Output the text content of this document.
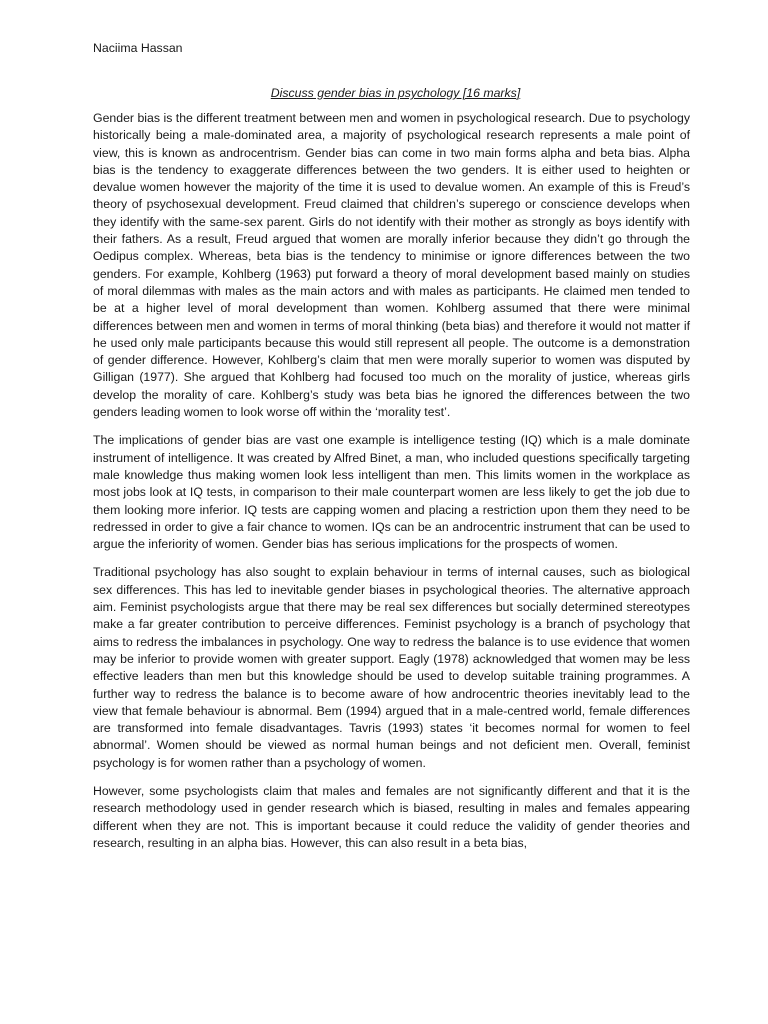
Naciima Hassan
Discuss gender bias in psychology [16 marks]

Gender bias is the different treatment between men and women in psychological research. Due to psychology historically being a male-dominated area, a majority of psychological research represents a male point of view, this is known as androcentrism. Gender bias can come in two main forms alpha and beta bias. Alpha bias is the tendency to exaggerate differences between the two genders. It is either used to heighten or devalue women however the majority of the time it is used to devalue women. An example of this is Freud’s theory of psychosexual development. Freud claimed that children’s superego or conscience develops when they identify with the same-sex parent. Girls do not identify with their mother as strongly as boys identify with their fathers. As a result, Freud argued that women are morally inferior because they didn’t go through the Oedipus complex. Whereas, beta bias is the tendency to minimise or ignore differences between the two genders. For example, Kohlberg (1963) put forward a theory of moral development based mainly on studies of moral dilemmas with males as the main actors and with males as participants. He claimed men tended to be at a higher level of moral development than women. Kohlberg assumed that there were minimal differences between men and women in terms of moral thinking (beta bias) and therefore it would not matter if he used only male participants because this would still represent all people. The outcome is a demonstration of gender difference. However, Kohlberg’s claim that men were morally superior to women was disputed by Gilligan (1977). She argued that Kohlberg had focused too much on the morality of justice, whereas girls develop the morality of care. Kohlberg’s study was beta bias he ignored the differences between the two genders leading women to look worse off within the ‘morality test’.

The implications of gender bias are vast one example is intelligence testing (IQ) which is a male dominate instrument of intelligence. It was created by Alfred Binet, a man, who included questions specifically targeting male knowledge thus making women look less intelligent than men. This limits women in the workplace as most jobs look at IQ tests, in comparison to their male counterpart women are less likely to get the job due to them looking more inferior. IQ tests are capping women and placing a restriction upon them they need to be redressed in order to give a fair chance to women. IQs can be an androcentric instrument that can be used to argue the inferiority of women. Gender bias has serious implications for the prospects of women.

Traditional psychology has also sought to explain behaviour in terms of internal causes, such as biological sex differences. This has led to inevitable gender biases in psychological theories. The alternative approach aim. Feminist psychologists argue that there may be real sex differences but socially determined stereotypes make a far greater contribution to perceive differences. Feminist psychology is a branch of psychology that aims to redress the imbalances in psychology. One way to redress the balance is to use evidence that women may be inferior to provide women with greater support. Eagly (1978) acknowledged that women may be less effective leaders than men but this knowledge should be used to develop suitable training programmes. A further way to redress the balance is to become aware of how androcentric theories inevitably lead to the view that female behaviour is abnormal. Bem (1994) argued that in a male-centred world, female differences are transformed into female disadvantages. Tavris (1993) states ‘it becomes normal for women to feel abnormal’. Women should be viewed as normal human beings and not deficient men. Overall, feminist psychology is for women rather than a psychology of women.

However, some psychologists claim that males and females are not significantly different and that it is the research methodology used in gender research which is biased, resulting in males and females appearing different when they are not. This is important because it could reduce the validity of gender theories and research, resulting in an alpha bias. However, this can also result in a beta bias,
